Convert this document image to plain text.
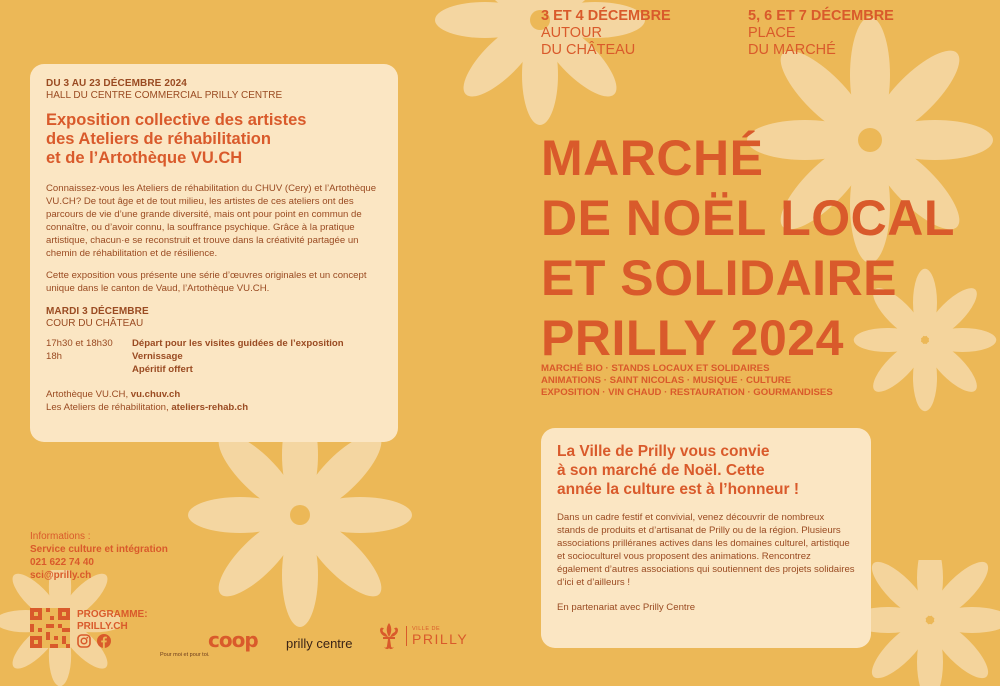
DU 3 AU 23 DÉCEMBRE 2024
HALL DU CENTRE COMMERCIAL PRILLY CENTRE
Exposition collective des artistes
des Ateliers de réhabilitation
et de l’Artothèque VU.CH

Connaissez-vous les Ateliers de réhabilitation du CHUV (Cery) et l’Artothèque VU.CH? De tout âge et de tout milieu, les artistes de ces ateliers ont des parcours de vie d’une grande diversité, mais ont pour point en commun de connaître, ou d’avoir connu, la souffrance psychique. Grâce à la pratique artistique, chacun·e se reconstruit et trouve dans la créativité partagée un chemin de réhabilitation et de résilience.

Cette exposition vous présente une série d’œuvres originales et un concept unique dans le canton de Vaud, l’Artothèque VU.CH.

MARDI 3 DÉCEMBRE
COUR DU CHÂTEAU
17h30 et 18h30
18h
Départ pour les visites guidées de l’exposition
Vernissage
Apéritif offert
Artothèque VU.CH, vu.chuv.ch
Les Ateliers de réhabilitation, ateliers-rehab.ch
3 ET 4 DÉCEMBRE
AUTOUR
DU CHÂTEAU
5, 6 ET 7 DÉCEMBRE
PLACE
DU MARCHÉ
MARCHÉ
DE NOËL LOCAL
ET SOLIDAIRE
PRILLY 2024
MARCHÉ BIO · STANDS LOCAUX ET SOLIDAIRES
ANIMATIONS · SAINT NICOLAS · MUSIQUE · CULTURE
EXPOSITION · VIN CHAUD · RESTAURATION · GOURMANDISES
La Ville de Prilly vous convie
à son marché de Noël. Cette
année la culture est à l’honneur !

Dans un cadre festif et convivial, venez découvrir de nombreux stands de produits et d’artisanat de Prilly ou de la région. Plusieurs associations prilléranes actives dans les domaines culturel, artistique et socioculturel vous proposent des animations. Rencontrez également d’autres associations qui soutiennent des projets solidaires d’ici et d’ailleurs !

En partenariat avec Prilly Centre

Informations :
Service culture et intégration
021 622 74 40
sci@prilly.ch
PROGRAMME:
PRILLY.CH
coop
Pour moi et pour toi.
prilly centre
VILLE DE
PRILLY
